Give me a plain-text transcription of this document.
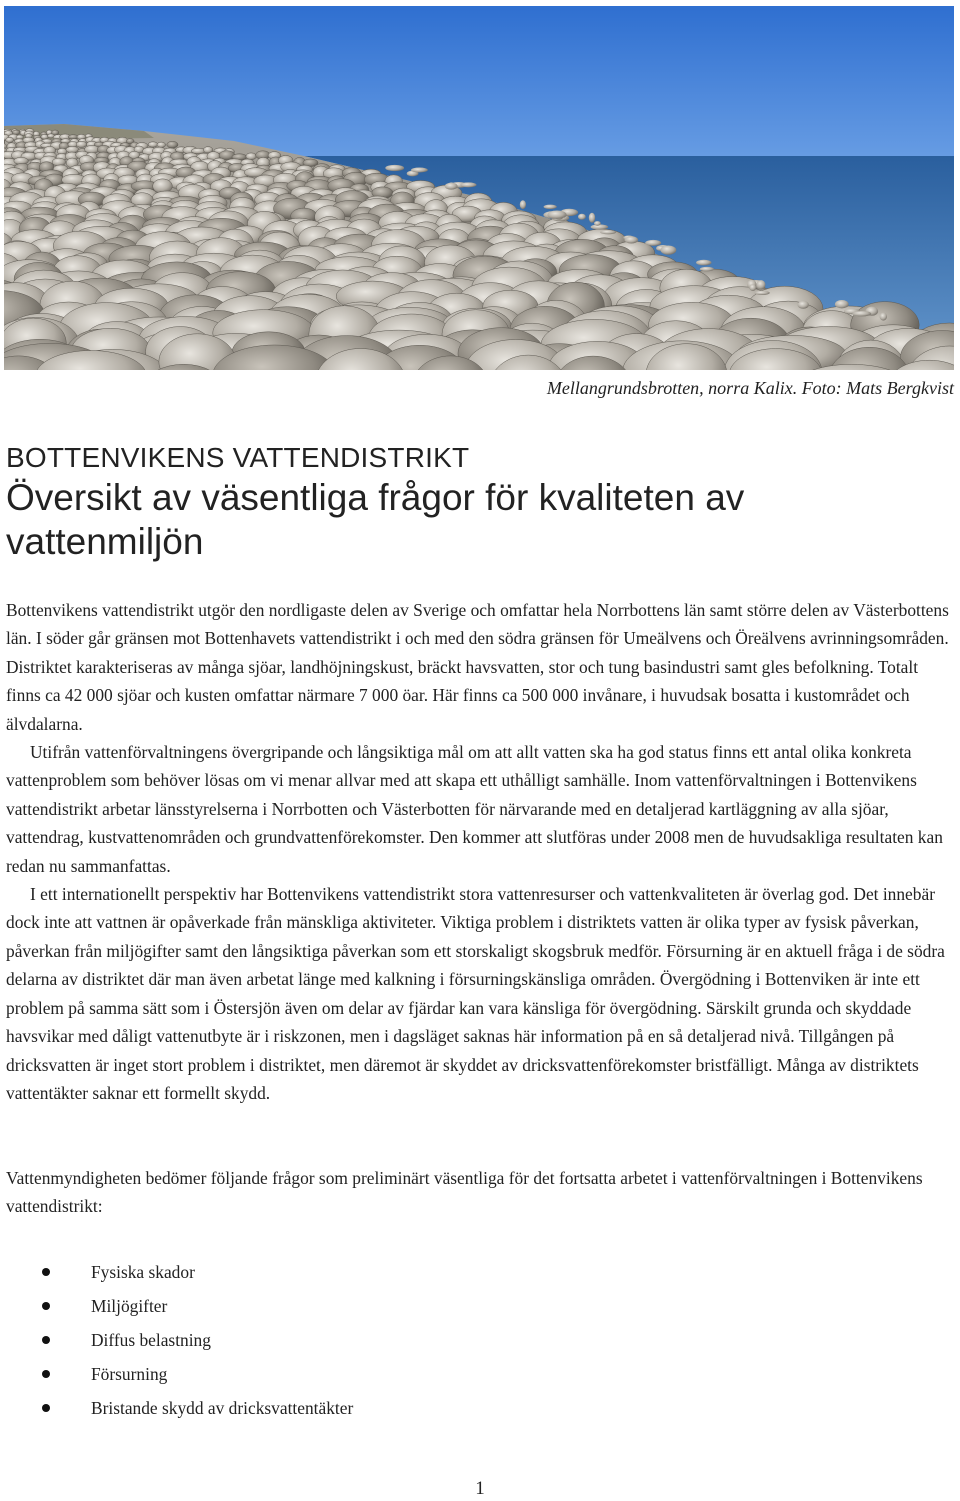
Mellangrundsbrotten, norra Kalix. Foto: Mats Bergkvist
BOTTENVIKENS VATTENDISTRIKT
Översikt av väsentliga frågor för kvaliteten av vattenmiljön

Bottenvikens vattendistrikt utgör den nordligaste delen av Sverige och omfattar hela Norrbottens län samt större delen av Västerbottens län. I söder går gränsen mot Bottenhavets vattendistrikt i och med den södra gränsen för Umeälvens och Öreälvens avrinningsområden. Distriktet karakteriseras av många sjöar, landhöjningskust, bräckt havsvatten, stor och tung basindustri samt gles befolkning. Totalt finns ca 42 000 sjöar och kusten omfattar närmare 7 000 öar. Här finns ca 500 000 invånare, i huvudsak bosatta i kustområdet och älvdalarna.

Utifrån vattenförvaltningens övergripande och långsiktiga mål om att allt vatten ska ha god status finns ett antal olika konkreta vattenproblem som behöver lösas om vi menar allvar med att skapa ett uthålligt samhälle. Inom vattenförvaltningen i Bottenvikens vattendistrikt arbetar länsstyrelserna i Norrbotten och Västerbotten för närvarande med en detaljerad kartläggning av alla sjöar, vattendrag, kustvattenområden och grundvattenförekomster. Den kommer att slutföras under 2008 men de huvudsakliga resultaten kan redan nu sammanfattas.

I ett internationellt perspektiv har Bottenvikens vattendistrikt stora vattenresurser och vattenkvaliteten är överlag god. Det innebär dock inte att vattnen är opåverkade från mänskliga aktiviteter. Viktiga problem i distriktets vatten är olika typer av fysisk påverkan, påverkan från miljögifter samt den långsiktiga påverkan som ett storskaligt skogsbruk medför. Försurning är en aktuell fråga i de södra delarna av distriktet där man även arbetat länge med kalkning i försurningskänsliga områden. Övergödning i Bottenviken är inte ett problem på samma sätt som i Östersjön även om delar av fjärdar kan vara känsliga för övergödning. Särskilt grunda och skyddade havsvikar med dåligt vattenutbyte är i riskzonen, men i dagsläget saknas här information på en så detaljerad nivå. Tillgången på dricksvatten är inget stort problem i distriktet, men däremot är skyddet av dricksvattenförekomster bristfälligt. Många av distriktets vattentäkter saknar ett formellt skydd.

Vattenmyndigheten bedömer följande frågor som preliminärt väsentliga för det fortsatta arbetet i vattenförvaltningen i Bottenvikens vattendistrikt:

Fysiska skador
Miljögifter
Diffus belastning
Försurning
Bristande skydd av dricksvattentäkter
1
